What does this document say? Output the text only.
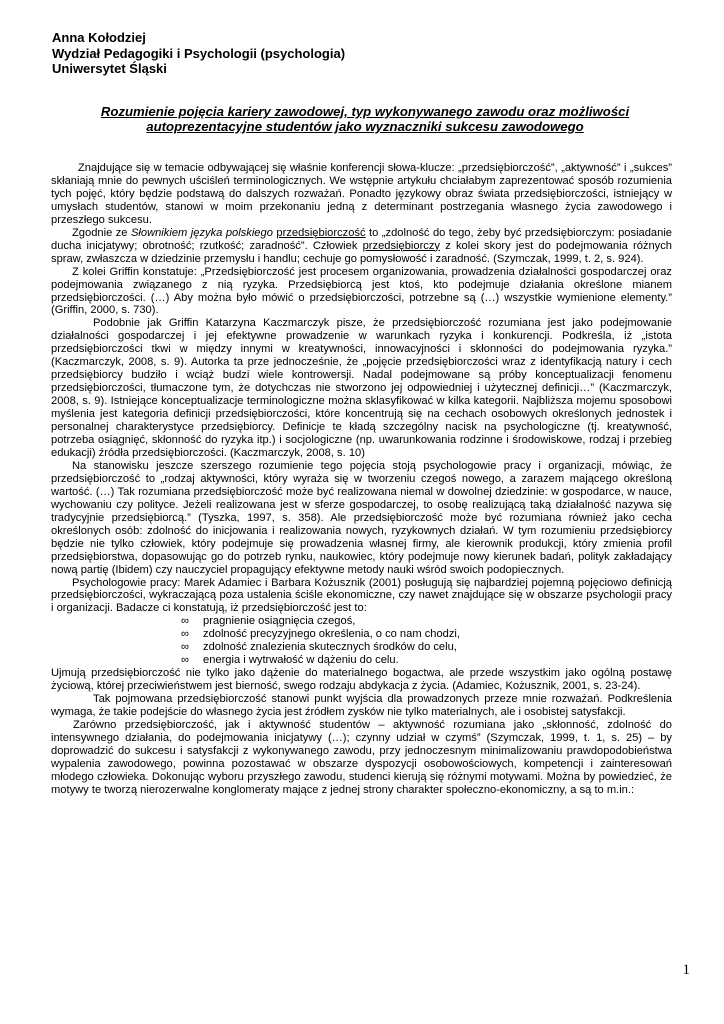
Anna Kołodziej
Wydział Pedagogiki i Psychologii (psychologia)
Uniwersytet Śląski
Rozumienie pojęcia kariery zawodowej, typ wykonywanego zawodu oraz możliwości
autoprezentacyjne studentów jako wyznaczniki sukcesu zawodowego

Znajdujące się w temacie odbywającej się właśnie konferencji słowa-klucze: „przedsiębiorczość”, „aktywność” i „sukces” skłaniają mnie do pewnych uściśleń terminologicznych. We wstępnie artykułu chciałabym zaprezentować sposób rozumienia tych pojęć, który będzie podstawą do dalszych rozważań. Ponadto językowy obraz świata przedsiębiorczości, istniejący w umysłach studentów, stanowi w moim przekonaniu jedną z determinant postrzegania własnego życia zawodowego i przeszłego sukcesu.

Zgodnie ze Słownikiem języka polskiego przedsiębiorczość to „zdolność do tego, żeby być przedsiębiorczym: posiadanie ducha inicjatywy; obrotność; rzutkość; zaradność”. Człowiek przedsiębiorczy z kolei skory jest do podejmowania różnych spraw, zwłaszcza w dziedzinie przemysłu i handlu; cechuje go pomysłowość i zaradność. (Szymczak, 1999, t. 2, s. 924).

Z kolei Griffin konstatuje: „Przedsiębiorczość jest procesem organizowania, prowadzenia działalności gospodarczej oraz podejmowania związanego z nią ryzyka. Przedsiębiorcą jest ktoś, kto podejmuje działania określone mianem przedsiębiorczości. (…) Aby można było mówić o przedsiębiorczości, potrzebne są (…) wszystkie wymienione elementy.” (Griffin, 2000, s. 730).

Podobnie jak Griffin Katarzyna Kaczmarczyk pisze, że przedsiębiorczość rozumiana jest jako podejmowanie działalności gospodarczej i jej efektywne prowadzenie w warunkach ryzyka i konkurencji. Podkreśla, iż „istota przedsiębiorczości tkwi w między innymi w kreatywności, innowacyjności i skłonności do podejmowania ryzyka.” (Kaczmarczyk, 2008, s. 9). Autorka ta prze jednocześnie, że „pojęcie przedsiębiorczości wraz z identyfikacją natury i cech przedsiębiorcy budziło i wciąż budzi wiele kontrowersji. Nadal podejmowane są próby konceptualizacji fenomenu przedsiębiorczości, tłumaczone tym, że dotychczas nie stworzono jej odpowiedniej i użytecznej definicji…” (Kaczmarczyk, 2008, s. 9). Istniejące konceptualizacje terminologiczne można sklasyfikować w kilka kategorii. Najbliższa mojemu sposobowi myślenia jest kategoria definicji przedsiębiorczości, które koncentrują się na cechach osobowych określonych jednostek i personalnej charakterystyce przedsiębiorcy. Definicje te kładą szczególny nacisk na psychologiczne (tj. kreatywność, potrzeba osiągnięć, skłonność do ryzyka itp.) i socjologiczne (np. uwarunkowania rodzinne i środowiskowe, rodzaj i przebieg edukacji) źródła przedsiębiorczości. (Kaczmarczyk, 2008, s. 10)

Na stanowisku jeszcze szerszego rozumienie tego pojęcia stoją psychologowie pracy i organizacji, mówiąc, że przedsiębiorczość to „rodzaj aktywności, który wyraża się w tworzeniu czegoś nowego, a zarazem mającego określoną wartość. (…) Tak rozumiana przedsiębiorczość może być realizowana niemal w dowolnej dziedzinie: w gospodarce, w nauce, wychowaniu czy polityce. Jeżeli realizowana jest w sferze gospodarczej, to osobę realizującą taką działalność nazywa się tradycyjnie przedsiębiorcą.” (Tyszka, 1997, s. 358). Ale przedsiębiorczość może być rozumiana również jako cecha określonych osób: zdolność do inicjowania i realizowania nowych, ryzykownych działań. W tym rozumieniu przedsiębiorcy będzie nie tylko człowiek, który podejmuje się prowadzenia własnej firmy, ale kierownik produkcji, który zmienia profil przedsiębiorstwa, dopasowując go do potrzeb rynku, naukowiec, który podejmuje nowy kierunek badań, polityk zakładający nową partię (Ibidem) czy nauczyciel propagujący efektywne metody nauki wśród swoich podopiecznych.

Psychologowie pracy: Marek Adamiec i Barbara Kożusznik (2001) posługują się najbardziej pojemną pojęciowo definicją przedsiębiorczości, wykraczającą poza ustalenia ściśle ekonomiczne, czy nawet znajdujące się w obszarze psychologii pracy i organizacji. Badacze ci konstatują, iż przedsiębiorczość jest to:

∞ pragnienie osiągnięcia czegoś,
∞ zdolność precyzyjnego określenia, o co nam chodzi,
∞ zdolność znalezienia skutecznych środków do celu,
∞ energia i wytrwałość w dążeniu do celu.

Ujmują przedsiębiorczość nie tylko jako dążenie do materialnego bogactwa, ale przede wszystkim jako ogólną postawę życiową, której przeciwieństwem jest bierność, swego rodzaju abdykacja z życia. (Adamiec, Kożusznik, 2001, s. 23-24).

Tak pojmowana przedsiębiorczość stanowi punkt wyjścia dla prowadzonych przeze mnie rozważań. Podkreślenia wymaga, że takie podejście do własnego życia jest źródłem zysków nie tylko materialnych, ale i osobistej satysfakcji.

Zarówno przedsiębiorczość, jak i aktywność studentów – aktywność rozumiana jako „skłonność, zdolność do intensywnego działania, do podejmowania inicjatywy (…); czynny udział w czymś” (Szymczak, 1999, t. 1, s. 25) – by doprowadzić do sukcesu i satysfakcji z wykonywanego zawodu, przy jednoczesnym minimalizowaniu prawdopodobieństwa wypalenia zawodowego, powinna pozostawać w obszarze dyspozycji osobowościowych, kompetencji i zainteresowań młodego człowieka. Dokonując wyboru przyszłego zawodu, studenci kierują się różnymi motywami. Można by powiedzieć, że motywy te tworzą nierozerwalne konglomeraty mające z jednej strony charakter społeczno-ekonomiczny, a są to m.in.:

1
